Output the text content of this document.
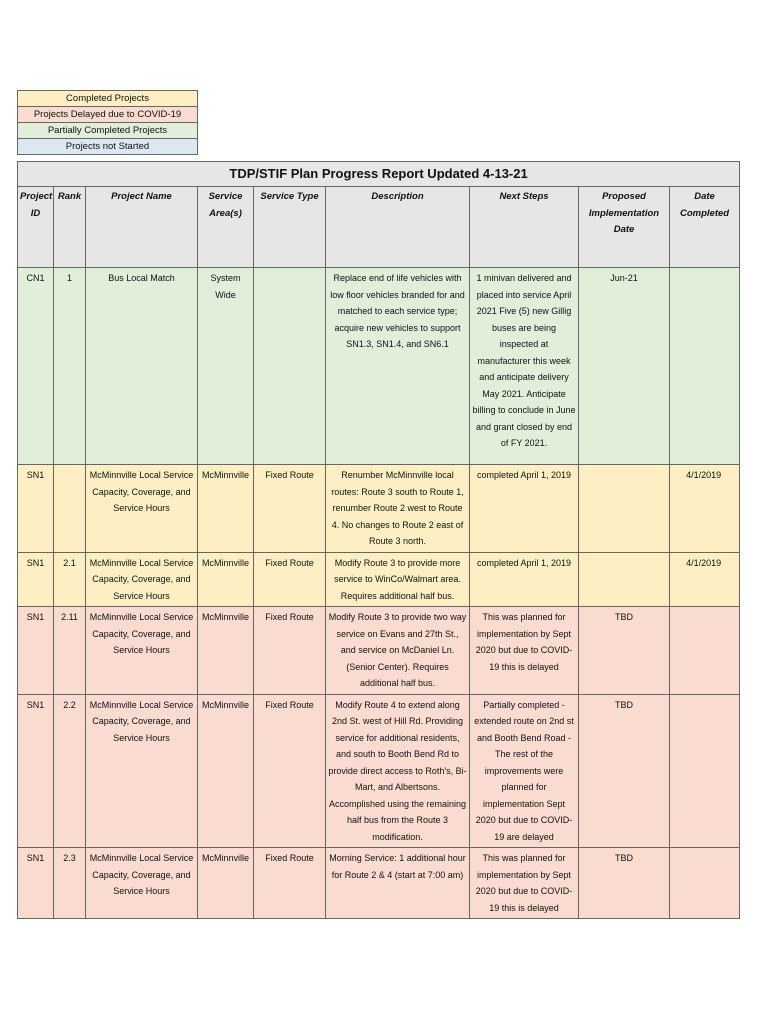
Completed Projects
Projects Delayed due to COVID-19
Partially Completed Projects
Projects not Started
TDP/STIF Plan Progress Report Updated 4-13-21								
Project ID	Rank	Project Name	Service Area(s)	Service Type	Description	Next Steps	Proposed Implementation Date	Date Completed
CN1	1	Bus Local Match	System Wide		Replace end of life vehicles with low floor vehicles branded for and matched to each service type; acquire new vehicles to support SN1.3, SN1.4, and SN6.1	1 minivan delivered and placed into service April 2021 Five (5) new Gillig buses are being inspected at manufacturer this week and anticipate delivery May 2021. Anticipate billing to conclude in June and grant closed by end of FY 2021.	Jun-21	
SN1		McMinnville Local Service Capacity, Coverage, and Service Hours	McMinnville	Fixed Route	Renumber McMinnville local routes: Route 3 south to Route 1, renumber Route 2 west to Route 4. No changes to Route 2 east of Route 3 north.	completed April 1, 2019		4/1/2019
SN1	2.1	McMinnville Local Service Capacity, Coverage, and Service Hours	McMinnville	Fixed Route	Modify Route 3 to provide more service to WinCo/Walmart area. Requires additional half bus.	completed April 1, 2019		4/1/2019
SN1	2.11	McMinnville Local Service Capacity, Coverage, and Service Hours	McMinnville	Fixed Route	Modify Route 3 to provide two way service on Evans and 27th St., and service on McDaniel Ln. (Senior Center). Requires additional half bus.	This was planned for implementation by Sept 2020 but due to COVID-19 this is delayed	TBD	
SN1	2.2	McMinnville Local Service Capacity, Coverage, and Service Hours	McMinnville	Fixed Route	Modify Route 4 to extend along 2nd St. west of Hill Rd. Providing service for additional residents, and south to Booth Bend Rd to provide direct access to Roth's, Bi-Mart, and Albertsons. Accomplished using the remaining half bus from the Route 3 modification.	Partially completed - extended route on 2nd st and Booth Bend Road - The rest of the improvements were planned for implementation Sept 2020 but due to COVID-19 are delayed	TBD	
SN1	2.3	McMinnville Local Service Capacity, Coverage, and Service Hours	McMinnville	Fixed Route	Morning Service: 1 additional hour for Route 2 & 4 (start at 7:00 am)	This was planned for implementation by Sept 2020 but due to COVID-19 this is delayed	TBD	
